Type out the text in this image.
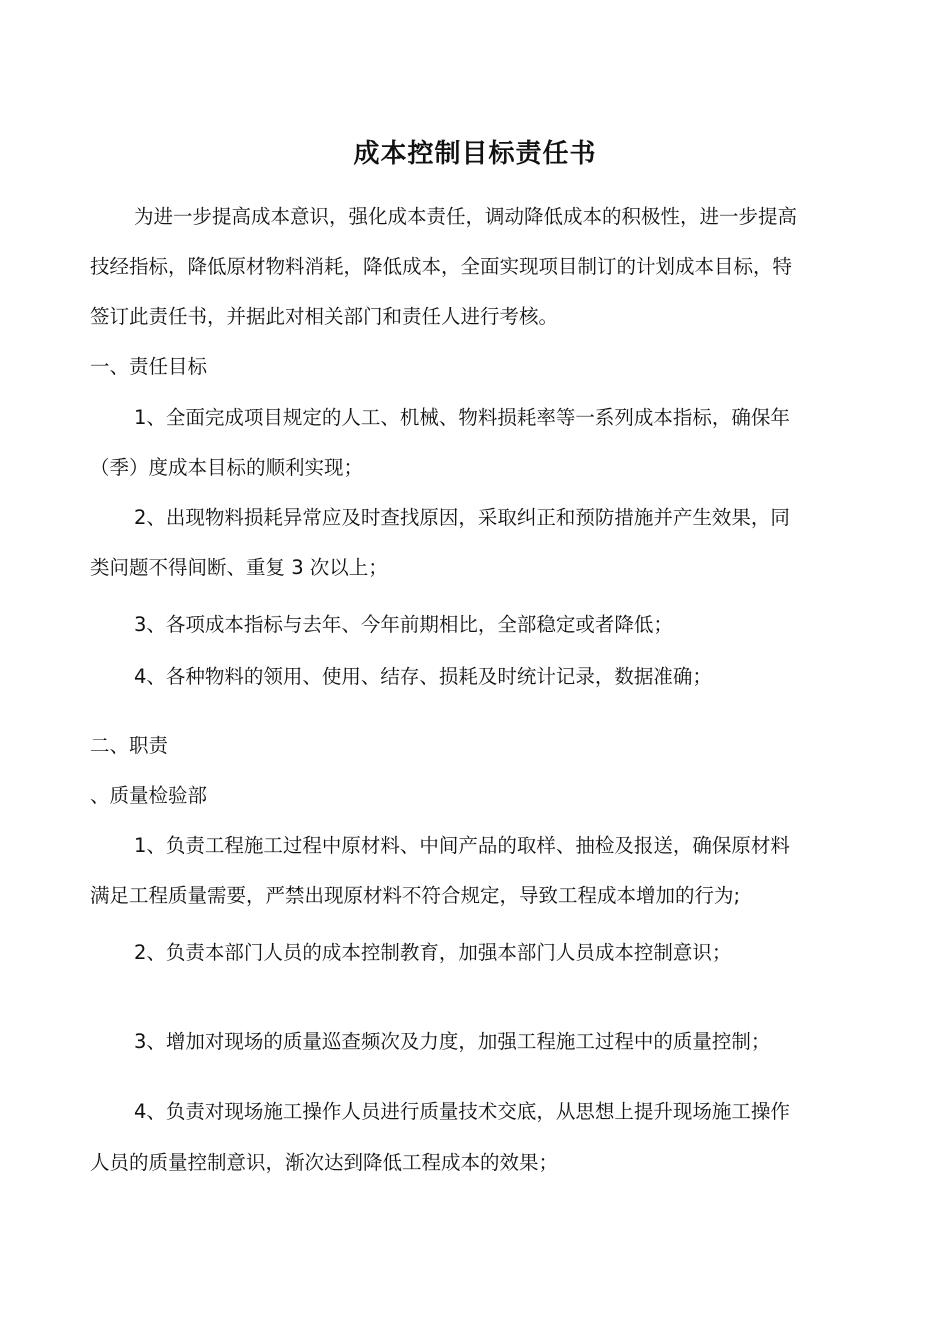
成本控制目标责任书
为进一步提高成本意识，强化成本责任，调动降低成本的积极性，进一步提高
技经指标，降低原材物料消耗，降低成本，全面实现项目制订的计划成本目标，特
签订此责任书，并据此对相关部门和责任人进行考核。
一、责任目标
1、全面完成项目规定的人工、机械、物料损耗率等一系列成本指标，确保年
（季）度成本目标的顺利实现；
2、出现物料损耗异常应及时查找原因，采取纠正和预防措施并产生效果，同
类问题不得间断、重复 3 次以上；
3、各项成本指标与去年、今年前期相比，全部稳定或者降低；
4、各种物料的领用、使用、结存、损耗及时统计记录，数据准确；
二、职责
、质量检验部
1、负责工程施工过程中原材料、中间产品的取样、抽检及报送，确保原材料
满足工程质量需要，严禁出现原材料不符合规定，导致工程成本增加的行为;
2、负责本部门人员的成本控制教育，加强本部门人员成本控制意识；
3、增加对现场的质量巡查频次及力度，加强工程施工过程中的质量控制；
4、负责对现场施工操作人员进行质量技术交底，从思想上提升现场施工操作
人员的质量控制意识，渐次达到降低工程成本的效果；
